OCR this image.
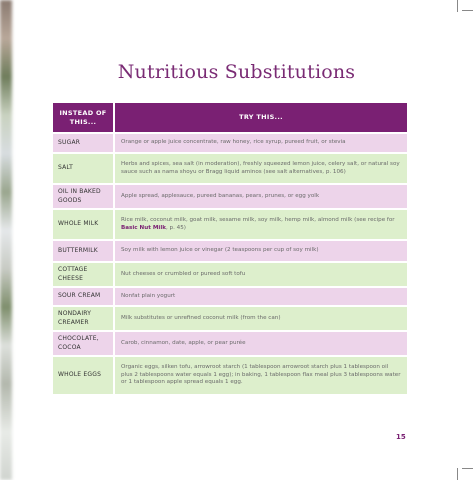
Nutritious Substitutions
INSTEAD OF THIS...	TRY THIS...
SUGAR	Orange or apple juice concentrate, raw honey, rice syrup, pureed fruit, or stevia
SALT	Herbs and spices, sea salt (in moderation), freshly squeezed lemon juice, celery salt, or natural soy sauce such as nama shoyu or Bragg liquid aminos (see salt alternatives, p. 106)
OIL IN BAKED GOODS	Apple spread, applesauce, pureed bananas, pears, prunes, or egg yolk
WHOLE MILK	Rice milk, coconut milk, goat milk, sesame milk, soy milk, hemp milk, almond milk (see recipe for Basic Nut Milk, p. 45)
BUTTERMILK	Soy milk with lemon juice or vinegar (2 teaspoons per cup of soy milk)
COTTAGE CHEESE	Nut cheeses or crumbled or pureed soft tofu
SOUR CREAM	Nonfat plain yogurt
NONDAIRY CREAMER	Milk substitutes or unrefined coconut milk (from the can)
CHOCOLATE, COCOA	Carob, cinnamon, date, apple, or pear purée
WHOLE EGGS	Organic eggs, silken tofu, arrowroot starch (1 tablespoon arrowroot starch plus 1 tablespoon oil plus 2 tablespoons water equals 1 egg); in baking, 1 tablespoon flax meal plus 3 tablespoons water or 1 tablespoon apple spread equals 1 egg.
15
